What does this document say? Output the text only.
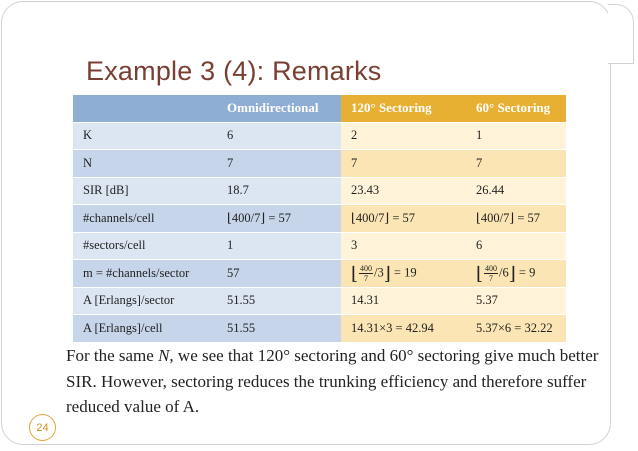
Example 3 (4): Remarks
	Omnidirectional	120° Sectoring	60° Sectoring
K	6	2	1
N	7	7	7
SIR [dB]	18.7	23.43	26.44
#channels/cell	⌊400/7⌋ = 57	⌊400/7⌋ = 57	⌊400/7⌋ = 57
#sectors/cell	1	3	6
m = #channels/sector	57	⌊ $\frac{400}{7}$ /3⌋ = 19	⌊ $\frac{400}{7}$ /6⌋ = 9
A [Erlangs]/sector	51.55	14.31	5.37
A [Erlangs]/cell	51.55	14.31×3 = 42.94	5.37×6 = 32.22

For the same N, we see that 120° sectoring and 60° sectoring give much better SIR. However, sectoring reduces the trunking efficiency and therefore suffer reduced value of A.

24
